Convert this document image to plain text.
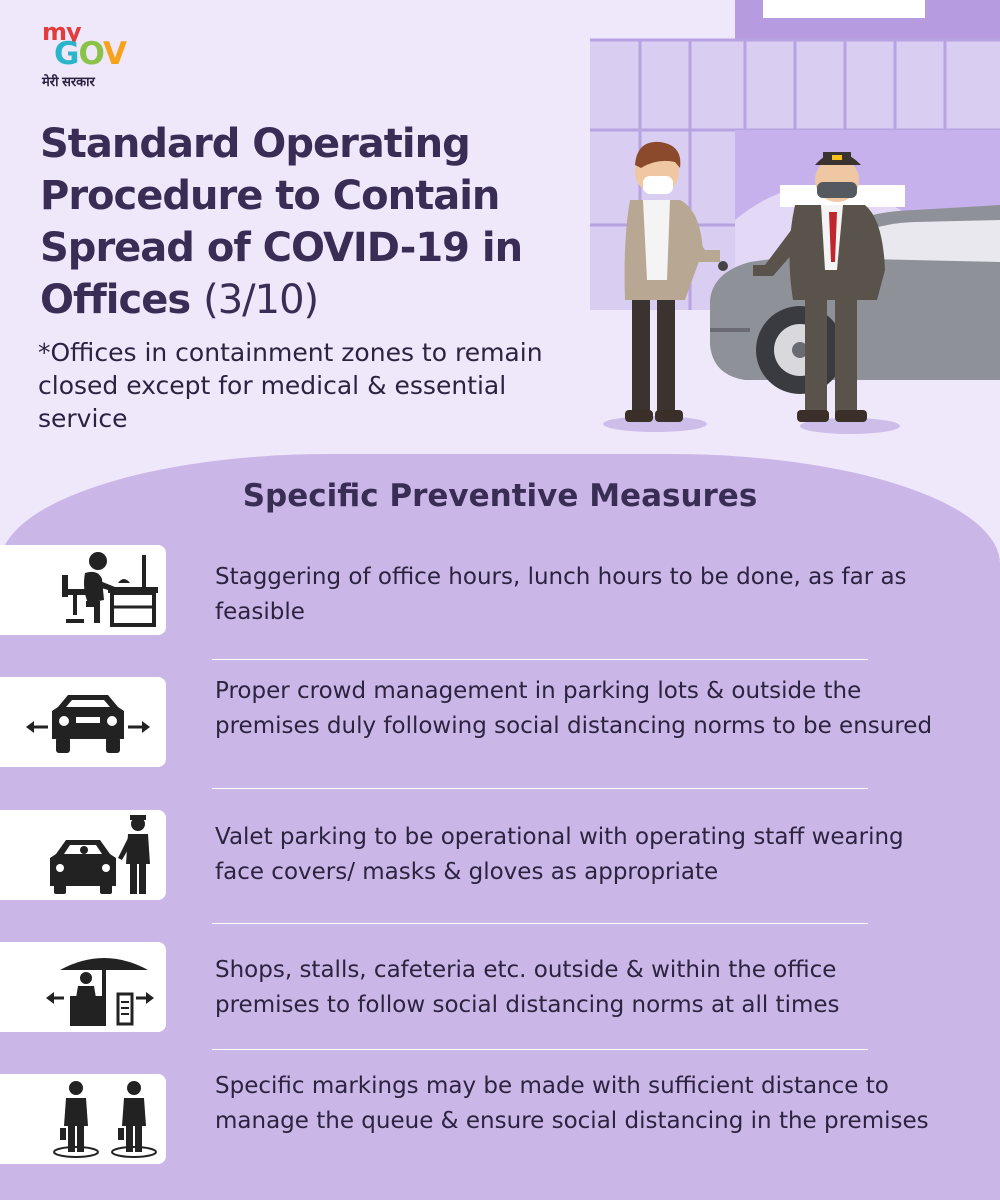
my
GOV
मेरी सरकार
Standard Operating Procedure to Contain Spread of COVID-19 in Offices (3/10)

*Offices in containment zones to remain closed except for medical & essential service

Specific Preventive Measures

Staggering of office hours, lunch hours to be done, as far as feasible

Proper crowd management in parking lots & outside the premises duly following social distancing norms to be ensured

Valet parking to be operational with operating staff wearing face covers/ masks & gloves as appropriate

Shops, stalls, cafeteria etc. outside & within the office premises to follow social distancing norms at all times

Specific markings may be made with sufficient distance to manage the queue & ensure social distancing in the premises
